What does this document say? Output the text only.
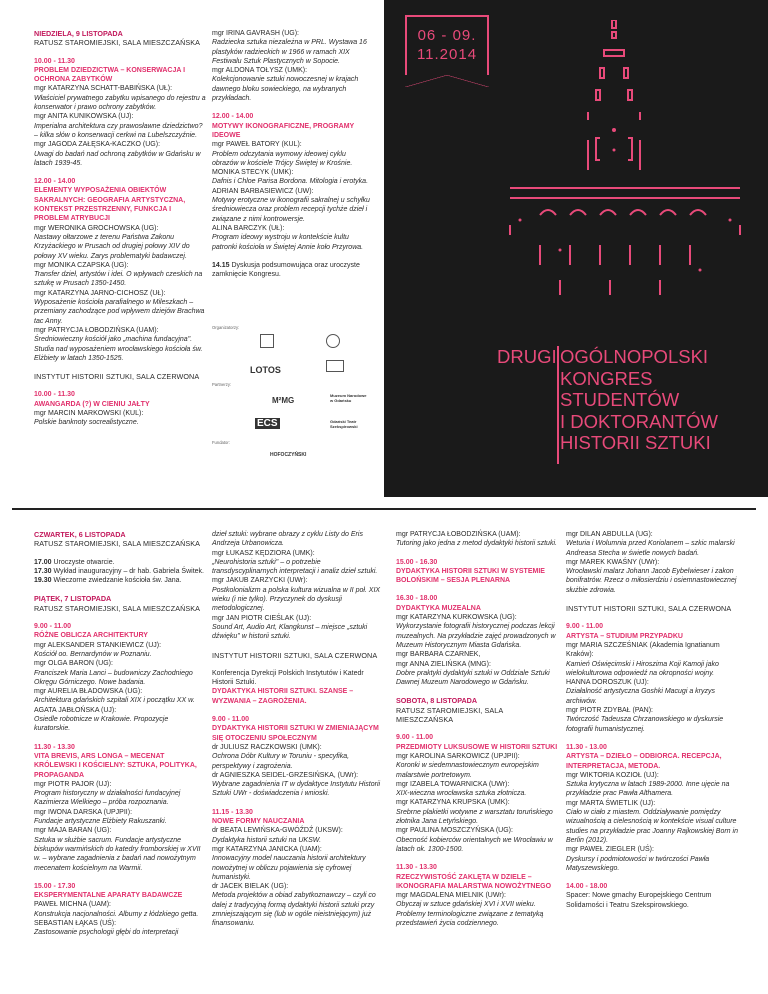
NIEDZIELA, 9 LISTOPADA

RATUSZ STAROMIEJSKI, SALA MIESZCZAŃSKA

10.00 - 11.30

PROBLEM DZIEDZICTWA – KONSERWACJA I OCHRONA ZABYTKÓW

mgr KATARZYNA SCHATT-BABIŃSKA (UŁ):

Właściciel prywatnego zabytku wpisanego do rejestru a konserwator i prawo ochrony zabytków.

mgr ANITA KUNIKOWSKA (UJ):

Imperialna architektura czy prawosławne dziedzictwo? – kilka słów o konserwacji cerkwi na Lubelszczyźnie.

mgr JAGODA ZAŁĘSKA-KACZKO (UG):

Uwagi do badań nad ochroną zabytków w Gdańsku w latach 1939-45.

12.00 - 14.00

ELEMENTY WYPOSAŻENIA OBIEKTÓW SAKRALNYCH: GEOGRAFIA ARTYSTYCZNA, KONTEKST PRZESTRZENNY, FUNKCJA I PROBLEM ATRYBUCJI

mgr WERONIKA GROCHOWSKA (UG):

Nastawy ołtarzowe z terenu Państwa Zakonu Krzyżackiego w Prusach od drugiej połowy XIV do połowy XV wieku. Zarys problematyki badawczej.

mgr MONIKA CZAPSKA (UG):

Transfer dzieł, artystów i idei. O wpływach czeskich na sztukę w Prusach 1350-1450.

mgr KATARZYNA JARNO-CICHOSZ (UŁ):

Wyposażenie kościoła parafialnego w Mileszkach – przemiany zachodzące pod wpływem dziejów Brachwa tac Anny.

mgr PATRYCJA ŁOBODZIŃSKA (UAM):

Średniowieczny kościół jako „machina fundacyjna". Studia nad wyposażeniem wrocławskiego kościoła św. Elżbiety w latach 1350-1525.

INSTYTUT HISTORII SZTUKI, SALA CZERWONA

10.00 - 11.30

AWANGARDA (?) W CIENIU JAŁTY

mgr MARCIN MARKOWSKI (KUL):

Polskie banknoty socrealistyczne.

mgr IRINA GAVRASH (UG):

Radziecka sztuka niezależna w PRL. Wystawa 16 plastyków radzieckich w 1966 w ramach XIX Festiwalu Sztuk Plastycznych w Sopocie.

mgr ALDONA TOŁYSZ (UMK):

Kolekcjonowanie sztuki nowoczesnej w krajach dawnego bloku sowieckiego, na wybranych przykładach.

12.00 - 14.00

MOTYWY IKONOGRAFICZNE, PROGRAMY IDEOWE

mgr PAWEŁ BATORY (KUL):

Problem odczytania wymowy ideowej cyklu obrazów w kościele Trójcy Świętej w Krośnie.

MONIKA STECYK (UMK):

Dafnis i Chloe Parisa Bordona. Mitologia i erotyka.

ADRIAN BARBASIEWICZ (UW):

Motywy erotyczne w ikonografii sakralnej u schyłku średniowiecza oraz problem recepcji tychże dzieł i związane z nimi kontrowersje.

ALINA BARCZYK (UŁ):

Program ideowy wystroju w kontekście kultu patronki kościoła w Świętej Annie koło Przyrowa.

14.15 Dyskusja podsumowująca oraz uroczyste zamknięcie Kongresu.

Organizatorzy:
LOTOS
Partnerzy:
M²MG
Muzeum Narodowe w Gdańsku
ECS	Gdański Teatr Szekspirowski
Fundator:
HOFOCZYŃSKI
06 - 09. 11.2014
DRUGI OGÓLNOPOLSKI
KONGRES
STUDENTÓW
I DOKTORANTÓW
HISTORII SZTUKI

CZWARTEK, 6 LISTOPADA

RATUSZ STAROMIEJSKI, SALA MIESZCZAŃSKA

17.00 Uroczyste otwarcie.

17.30 Wykład inauguracyjny – dr hab. Gabriela Świtek.

19.30 Wieczorne zwiedzanie kościoła św. Jana.

PIĄTEK, 7 LISTOPADA

RATUSZ STAROMIEJSKI, SALA MIESZCZAŃSKA

9.00 - 11.00

RÓŻNE OBLICZA ARCHITEKTURY

mgr ALEKSANDER STANKIEWICZ (UJ):

Kościół oo. Bernardynów w Poznaniu.

mgr OLGA BARON (UG):

Franciszek Maria Lanci – budowniczy Zachodniego Okręgu Górniczego. Nowe badania.

mgr AURELIA BŁADOWSKA (UG):

Architektura gdańskich szpitali XIX i początku XX w.

AGATA JABŁOŃSKA (UJ):

Osiedle robotnicze w Krakowie. Propozycje kuratorskie.

11.30 - 13.30

VITA BREVIS, ARS LONGA – MECENAT KRÓLEWSKI I KOŚCIELNY: SZTUKA, POLITYKA, PROPAGANDA

mgr PIOTR PAJOR (UJ):

Program historyczny w działalności fundacyjnej Kazimierza Wielkiego – próba rozpoznania.

mgr IWONA DARSKA (UPJPII):

Fundacje artystyczne Elżbiety Rakuszanki.

mgr MAJA BARAN (UG):

Sztuka w służbie sacrum. Fundacje artystyczne biskupów warmińskich do katedry fromborskiej w XVII w. – wybrane zagadnienia z badań nad nowożytnym mecenatem kościelnym na Warmii.

15.00 - 17.30

EKSPERYMENTALNE APARATY BADAWCZE

PAWEŁ MICHNA (UAM):

Konstrukcja nacjonalności. Albumy z łódzkiego getta.

SEBASTIAN ŁĄKAS (UŚ):

Zastosowanie psychologii głębi do interpretacji

dzieł sztuki: wybrane obrazy z cyklu Listy do Eris Andrzeja Urbanowicza.

mgr ŁUKASZ KĘDZIORA (UMK):

„Neurohistoria sztuki" – o potrzebie transdyscyplinarnych interpretacji i analiz dzieł sztuki.

mgr JAKUB ZARZYCKI (UWr):

Postkolonializm a polska kultura wizualna w II poł. XIX wieku (i nie tylko). Przyczynek do dyskusji metodologicznej.

mgr JAN PIOTR CIEŚLAK (UJ):

Sound Art, Audio Art, Klangkunst – miejsce „sztuki dźwięku" w historii sztuki.

INSTYTUT HISTORII SZTUKI, SALA CZERWONA

Konferencja Dyrekcji Polskich Instytutów i Katedr Historii Sztuki.

DYDAKTYKA HISTORII SZTUKI. SZANSE – WYZWANIA – ZAGROŻENIA.

9.00 - 11.00

DYDAKTYKA HISTORII SZTUKI W ZMIENIAJĄCYM SIĘ OTOCZENIU SPOŁECZNYM

dr JULIUSZ RACZKOWSKI (UMK):

Ochrona Dóbr Kultury w Toruniu - specyfika, perspektywy i zagrożenia.

dr AGNIESZKA SEIDEL-GRZESIŃSKA, (UWr):

Wybrane zagadnienia IT w dydaktyce Instytutu Historii Sztuki UWr - doświadczenia i wnioski.

11.15 - 13.30

NOWE FORMY NAUCZANIA

dr BEATA LEWIŃSKA-GWÓŹDŹ (UKSW):

Dydaktyka historii sztuki na UKSW.

mgr KATARZYNA JANICKA (UAM):

Innowacyjny model nauczania historii architektury nowożytnej w obliczu pojawienia się cyfrowej humanistyki.

dr JACEK BIELAK (UG):

Metoda projektów a obiad zabytkoznawczy – czyli co dalej z tradycyjną formą dydaktyki historii sztuki przy zmniejszającym się (lub w ogóle nieistniejącym) już finansowaniu.

mgr PATRYCJA ŁOBODZIŃSKA (UAM):

Tutoring jako jedna z metod dydaktyki historii sztuki.

15.00 - 16.30

DYDAKTYKA HISTORII SZTUKI W SYSTEMIE BOLOŃSKIM – SESJA PLENARNA

16.30 - 18.00

DYDAKTYKA MUZEALNA

mgr KATARZYNA KURKOWSKA (UG):

Wykorzystanie fotografii historycznej podczas lekcji muzealnych. Na przykładzie zajęć prowadzonych w Muzeum Historycznym Miasta Gdańska.

mgr BARBARA CZARNEK,

mgr ANNA ZIELIŃSKA (MNG):

Dobre praktyki dydaktyki sztuki w Oddziale Sztuki Dawnej Muzeum Narodowego w Gdańsku.

SOBOTA, 8 LISTOPADA

RATUSZ STAROMIEJSKI, SALA MIESZCZAŃSKA

9.00 - 11.00

PRZEDMIOTY LUKSUSOWE W HISTORII SZTUKI

mgr KAROLINA SARKOWICZ (UPJPII):

Koronki w siedemnastowiecznym europejskim malarstwie portretowym.

mgr IZABELA TOWARNICKA (UWr):

XIX-wieczna wrocławska sztuka złotnicza.

mgr KATARZYNA KRUPSKA (UMK):

Srebrne plakietki wotywne z warsztatu toruńskiego złotnika Jana Letyńskiego.

mgr PAULINA MOSZCZYŃSKA (UG):

Obecność kobierców orientalnych we Wrocławiu w latach ok. 1300-1500.

11.30 - 13.30

RZECZYWISTOŚĆ ZAKLĘTA W DZIELE – IKONOGRAFIA MALARSTWA NOWOŻYTNEGO

mgr MAGDALENA MIELNIK (UWr):

Obyczaj w sztuce gdańskiej XVI i XVII wieku. Problemy terminologiczne związane z tematyką przedstawień życia codziennego.

mgr DILAN ABDULLA (UG):

Weturia i Wolumnia przed Koriolanem – szkic malarski Andreasa Stecha w świetle nowych badań.

mgr MAREK KWAŚNY (UWr):

Wrocławski malarz Johann Jacob Eybelwieser i zakon bonifratrów. Rzecz o miłosierdziu i osiemnastowiecznej służbie zdrowia.

INSTYTUT HISTORII SZTUKI, SALA CZERWONA

9.00 - 11.00

ARTYSTA – STUDIUM PRZYPADKU

mgr MARIA SZCZEŚNIAK (Akademia Ignatianum Kraków):

Kamień Oświęcimski i Hiroszima Koji Kamoji jako wielokulturowa odpowiedź na okropności wojny.

HANNA DOROSZUK (UJ):

Działalność artystyczna Goshki Macugi a kryzys archiwów.

mgr PIOTR ZDYBAŁ (PAN):

Twórczość Tadeusza Chrzanowskiego w dyskursie fotografii humanistycznej.

11.30 - 13.00

ARTYSTA – DZIEŁO – ODBIORCA. RECEPCJA, INTERPRETACJA, METODA.

mgr WIKTORIA KOZIOŁ (UJ):

Sztuka krytyczna w latach 1989-2000. Inne ujęcie na przykładzie prac Pawła Althamera.

mgr MARTA ŚWIETLIK (UJ):

Ciało w ciało z miastem. Oddziaływanie pomiędzy wizualnością a cielesnością w kontekście visual culture studies na przykładzie prac Joanny Rajkowskiej Born in Berlin (2012).

mgr PAWEŁ ZIEGLER (UŚ):

Dyskursy i podmiotowości w twórczości Pawła Matyszewskiego.

14.00 - 18.00

Spacer: Nowe gmachy Europejskiego Centrum Solidarności i Teatru Szekspirowskiego.
